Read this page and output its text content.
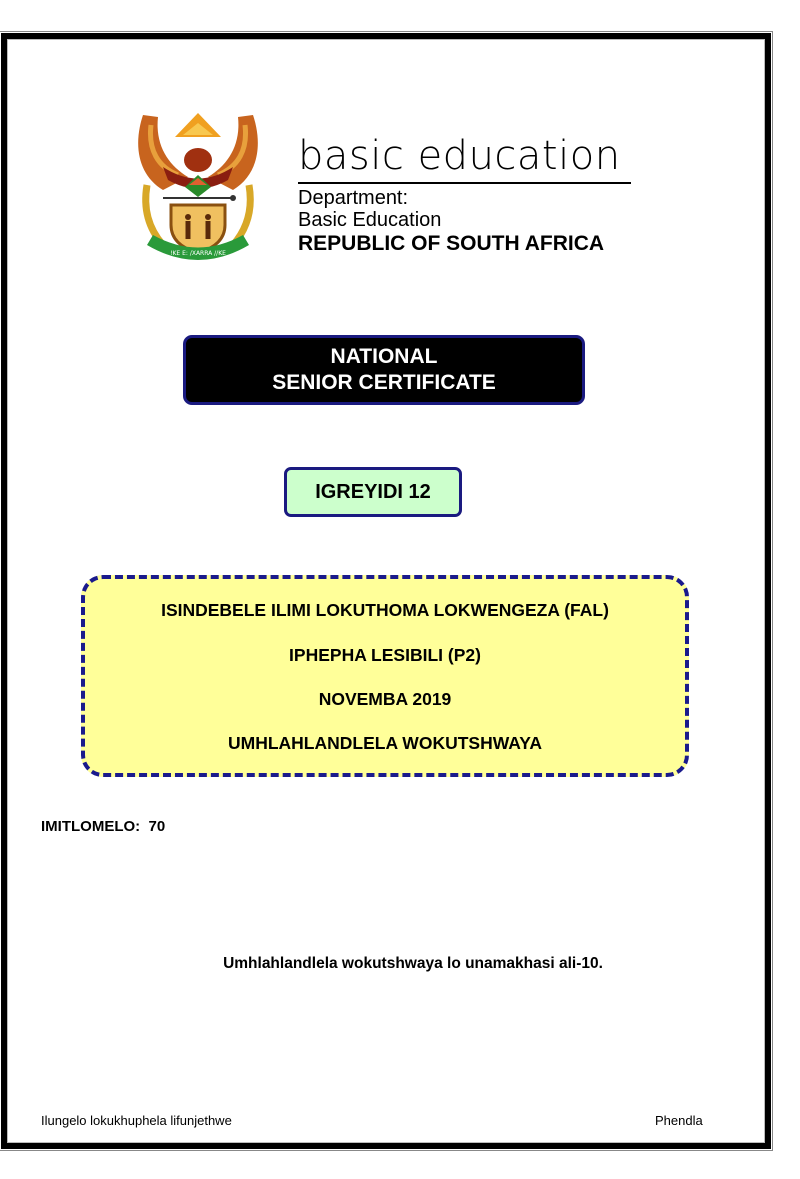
!KE E: /XARRA //KE
basic education
Department:
Basic Education
REPUBLIC OF SOUTH AFRICA
NATIONAL
SENIOR CERTIFICATE
IGREYIDI 12
ISINDEBELE ILIMI LOKUTHOMA LOKWENGEZA (FAL)
IPHEPHA LESIBILI (P2)
NOVEMBA 2019
UMHLAHLANDLELA WOKUTSHWAYA
IMITLOMELO:  70
Umhlahlandlela wokutshwaya lo unamakhasi ali-10.
Ilungelo lokukhuphela lifunjethwe	Phendla
